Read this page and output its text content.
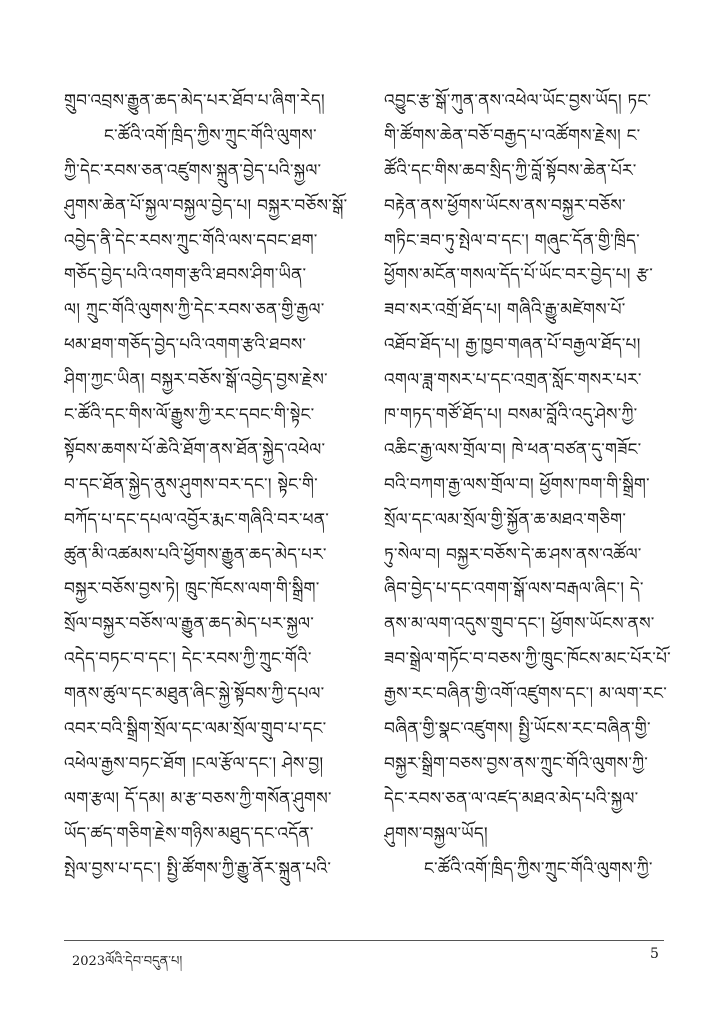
གྲུབ་འབྲས་རྒྱུན་ཆད་མེད་པར་ཐོབ་པ་ཞིག་རེད།
ང་ཚོའི་འགོ་ཁྲིད་ཀྱིས་ཀྲུང་གོའི་ལུགས་
ཀྱི་དེང་རབས་ཅན་འཛུགས་སྐྲུན་བྱེད་པའི་སྐྱལ་
ཤུགས་ཆེན་པོ་སྐྱལ་བསྐྱལ་བྱེད་པ། བསྐྱར་བཅོས་སྒོ་
འབྱེད་ནི་དེང་རབས་ཀྲུང་གོའི་ལས་དབང་ཐག་
གཅོད་བྱེད་པའི་འགག་རྩའི་ཐབས་ཤིག་ཡིན་
ལ། ཀྲུང་གོའི་ལུགས་ཀྱི་དེང་རབས་ཅན་གྱི་རྒྱལ་
ཕམ་ཐག་གཅོད་བྱེད་པའི་འགག་རྩའི་ཐབས་
ཤིག་ཀྱང་ཡིན། བསྐྱར་བཅོས་སྒོ་འབྱེད་བྱས་རྗེས་
ང་ཚོའི་དང་གིས་ལོ་རྒྱུས་ཀྱི་རང་དབང་གི་སྟེང་
སྟོབས་ཆགས་པོ་ཆེའི་ཐོག་ནས་ཐོན་སྐྱེད་འཕེལ་
བ་དང་ཐོན་སྐྱེད་ནུས་ཤུགས་བར་དང་། སྟེང་གི་
བཀོད་པ་དང་དཔལ་འབྱོར་རྨང་གཞིའི་བར་ཕན་
ཚུན་མི་འཚམས་པའི་ཕྱོགས་རྒྱུན་ཆད་མེད་པར་
བསྐྱར་བཅོས་བྱས་ཏེ། ཁྲུང་ཁོངས་ལག་གི་སྒྲིག་
སྲོལ་བསྐྱར་བཅོས་ལ་རྒྱུན་ཆད་མེད་པར་སྐྱལ་
འདེད་བཏང་བ་དང་། དེང་རབས་ཀྱི་ཀྲུང་གོའི་
གནས་ཚུལ་དང་མཐུན་ཞིང་སྐྱེ་སྟོབས་ཀྱི་དཔལ་
འབར་བའི་སྒྲིག་སྲོལ་དང་ལམ་སྲོལ་གྲུབ་པ་དང་
འཕེལ་རྒྱས་བཏང་ཐོག །ངལ་རྩོལ་དང་། ཤེས་བྱ།
ལག་རྩལ། དོ་དམ། མ་རྩ་བཅས་ཀྱི་གསོན་ཤུགས་
ཡོད་ཚད་གཅིག་རྗེས་གཉིས་མཐུད་དང་འདོན་
སྤེལ་བྱས་པ་དང་། སྤྱི་ཚོགས་ཀྱི་རྒྱུ་ནོར་སྐྲུན་པའི་
འབྱུང་རྩ་སྒོ་ཀུན་ནས་འཕེལ་ཡོང་བྱས་ཡོད། ཏང་
གི་ཚོགས་ཆེན་བཅོ་བརྒྱད་པ་འཚོགས་རྗེས། ང་
ཚོའི་དང་གིས་ཆབ་སྲིད་ཀྱི་བློ་སྟོབས་ཆེན་པོར་
བརྟེན་ནས་ཕྱོགས་ཡོངས་ནས་བསྐྱར་བཅོས་
གཏིང་ཟབ་ཏུ་སྤེལ་བ་དང་། གཞུང་དོན་གྱི་ཁྲིད་
ཕྱོགས་མངོན་གསལ་དོད་པོ་ཡོང་བར་བྱེད་པ། རྩ་
ཟབ་སར་འགྲོ་ཐོད་པ། གཞིའི་རྒྱུ་མཛེགས་པོ་
འཐོབ་ཐོད་པ། རྒྱ་ཁྱབ་གཞན་པོ་བརྒྱལ་ཐོད་པ།
འགལ་ཟླ་གསར་པ་དང་འགྲན་སློང་གསར་པར་
ཁ་གཏད་གཙོ་ཐོད་པ། བསམ་བློའི་འདུ་ཤེས་ཀྱི་
འཆིང་རྒྱ་ལས་གྲོལ་བ། ཁེ་ཕན་བཙན་དུ་གཟོང་
བའི་བཀག་རྒྱ་ལས་གྲོལ་བ། ཕྱོགས་ཁག་གི་སྒྲིག་
སྲོལ་དང་ལམ་སྲོལ་གྱི་སྐྱོན་ཆ་མཐའ་གཅིག་
ཏུ་སེལ་བ། བསྐྱར་བཅོས་དེ་ཆ་ཤས་ནས་འཚོལ་
ཞིབ་བྱེད་པ་དང་འགག་སྒོ་ལས་བརྒལ་ཞིང་། དེ་
ནས་མ་ལག་འདུས་གྲུབ་དང་། ཕྱོགས་ཡོངས་ནས་
ཟབ་སྒྲེལ་གཏོང་བ་བཅས་ཀྱི་ཁྲུང་ཁོངས་མང་པོར་པོ་
རྒྱས་རང་བཞིན་གྱི་འགོ་འཛུགས་དང་། མ་ལག་རང་
བཞིན་གྱི་སྣང་འཛུགས། སྤྱི་ཡོངས་རང་བཞིན་གྱི་
བསྐྱར་སྒྲིག་བཅས་བྱས་ནས་ཀྲུང་གོའི་ལུགས་ཀྱི་
དེང་རབས་ཅན་ལ་འཛད་མཐའ་མེད་པའི་སྐྱལ་
ཤུགས་བསྐྱལ་ཡོད།
ང་ཚོའི་འགོ་ཁྲིད་ཀྱིས་ཀྲུང་གོའི་ལུགས་ཀྱི་
2023ལོའི་དེབ་བདུན་པ།	5
